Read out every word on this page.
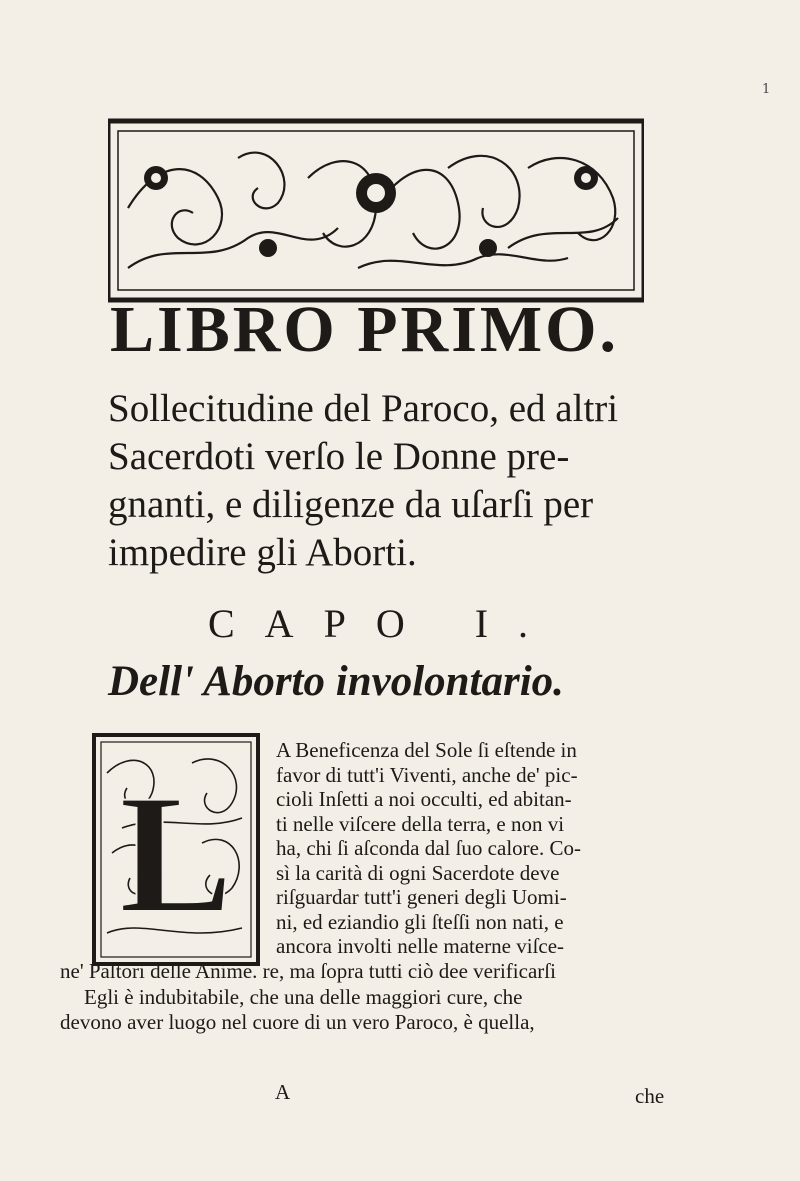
1
LIBRO PRIMO.
Sollecitudine del Paroco, ed altri
Sacerdoti verſo le Donne pre-
gnanti, e diligenze da uſarſi per
impedire gli Aborti.
CAPO I.
Dell' Aborto involontario.
L
A Beneficenza del Sole ſi eſtende in
favor di tutt'i Viventi, anche de' pic-
cioli Inſetti a noi occulti, ed abitan-
ti nelle viſcere della terra, e non vi
ha, chi ſi aſconda dal ſuo calore. Co-
sì la carità di ogni Sacerdote deve
riſguardar tutt'i generi degli Uomi-
ni, ed eziandio gli ſteſſi non nati, e
ancora involti nelle materne viſce-
ne' Paſtori delle Anime. re, ma ſopra tutti ciò dee verificarſi
Egli è indubitabile, che una delle maggiori cure, che
devono aver luogo nel cuore di un vero Paroco, è quella,
A	che
